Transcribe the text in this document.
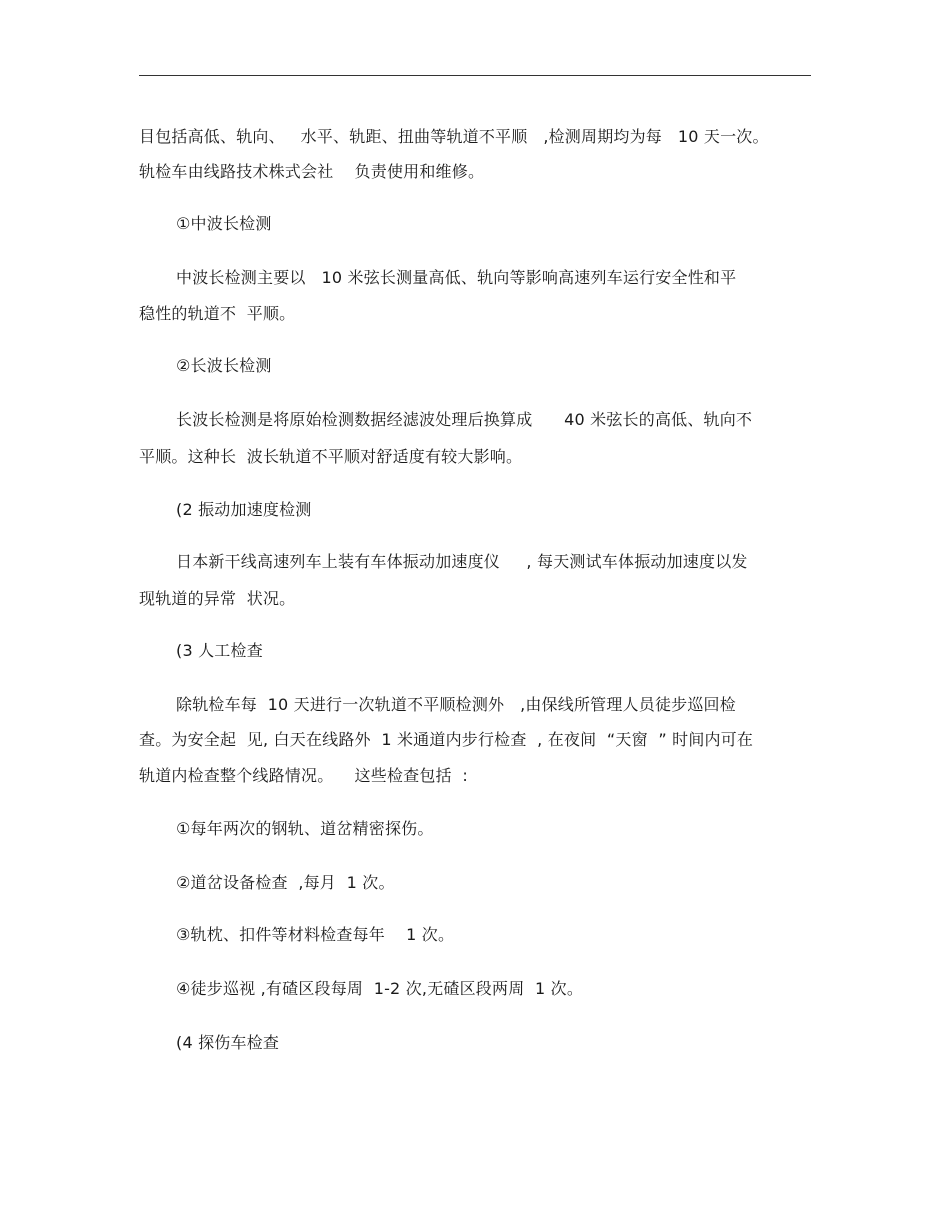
目包括高低、轨向、   水平、轨距、扭曲等轨道不平顺   ,检测周期均为每   10 天一次。
轨检车由线路技术株式会社    负责使用和维修。
①中波长检测
中波长检测主要以   10 米弦长测量高低、轨向等影响高速列车运行安全性和平
稳性的轨道不  平顺。
②长波长检测
长波长检测是将原始检测数据经滤波处理后换算成      40 米弦长的高低、轨向不
平顺。这种长  波长轨道不平顺对舒适度有较大影响。
(2 振动加速度检测
日本新干线高速列车上装有车体振动加速度仪     , 每天测试车体振动加速度以发
现轨道的异常  状况。
(3 人工检查
除轨检车每  10 天进行一次轨道不平顺检测外   ,由保线所管理人员徒步巡回检
查。为安全起  见, 白天在线路外  1 米通道内步行检查  , 在夜间  “天窗  ” 时间内可在
轨道内检查整个线路情况。    这些检查包括  :
①每年两次的钢轨、道岔精密探伤。
②道岔设备检查  ,每月  1 次。
③轨枕、扣件等材料检查每年    1 次。
④徒步巡视 ,有碴区段每周  1-2 次,无碴区段两周  1 次。
(4 探伤车检查
